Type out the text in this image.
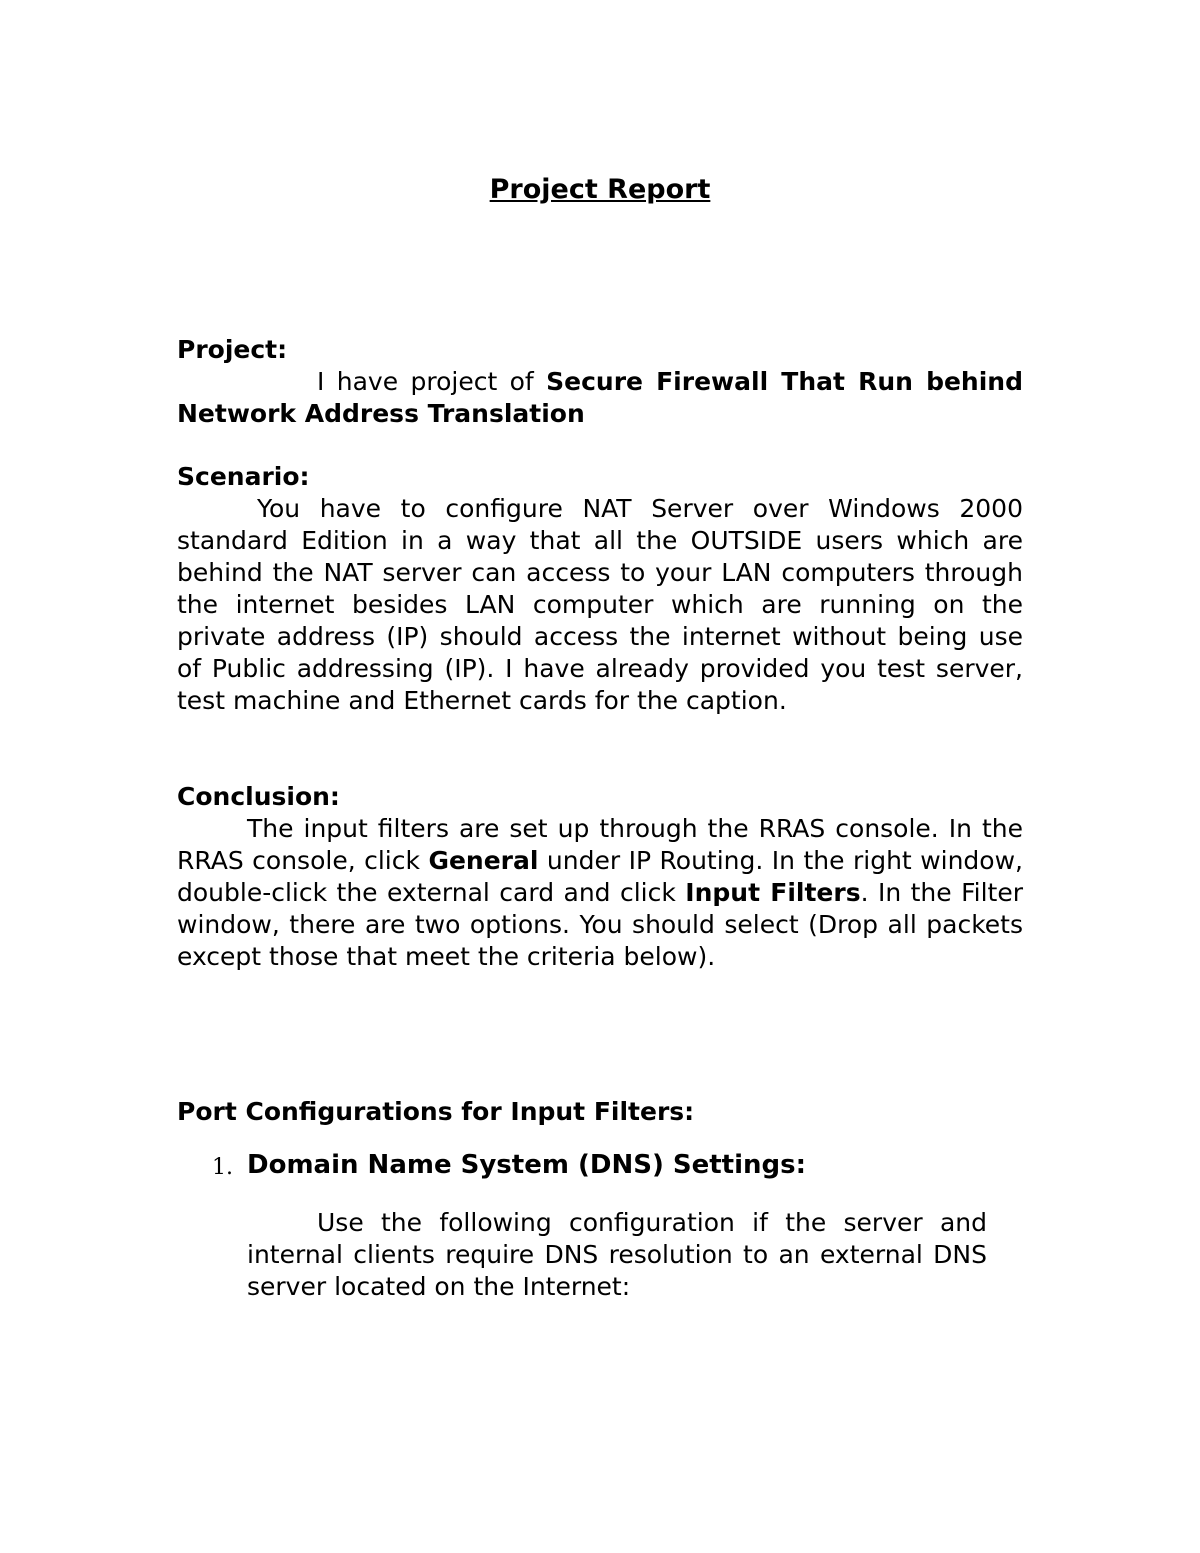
Project Report
Project:

I have project of Secure Firewall That Run behind Network Address Translation

Scenario:

You have to configure NAT Server over Windows 2000 standard Edition in a way that all the OUTSIDE users which are behind the NAT server can access to your LAN computers through the internet besides LAN computer which are running on the private address (IP) should access the internet without being use of Public addressing (IP). I have already provided you test server, test machine and Ethernet cards for the caption.

Conclusion:

The input filters are set up through the RRAS console. In the RRAS console, click General under IP Routing. In the right window, double-click the external card and click Input Filters. In the Filter window, there are two options. You should select (Drop all packets except those that meet the criteria below).

Port Configurations for Input Filters:
1. Domain Name System (DNS) Settings:

Use the following configuration if the server and internal clients require DNS resolution to an external DNS server located on the Internet:
